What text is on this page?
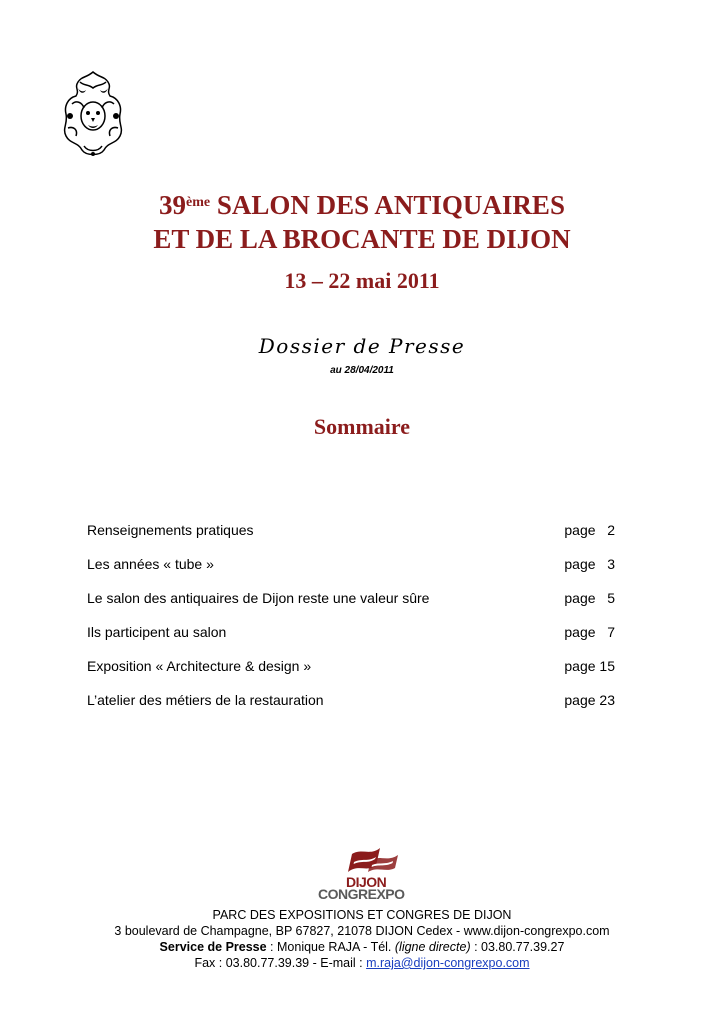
39ème SALON DES ANTIQUAIRES
ET DE LA BROCANTE DE DIJON
13 – 22 mai 2011
Dossier de Presse
au 28/04/2011
Sommaire
Renseignements pratiques	page   2
Les années « tube »	page   3
Le salon des antiquaires de Dijon reste une valeur sûre	page   5
Ils participent au salon	page   7
Exposition « Architecture & design »	page 15
L’atelier des métiers de la restauration	page 23
DIJON
CONGREXPO
PARC DES EXPOSITIONS ET CONGRES DE DIJON
3 boulevard de Champagne, BP 67827, 21078 DIJON Cedex - www.dijon-congrexpo.com
Service de Presse : Monique RAJA - Tél. (ligne directe) : 03.80.77.39.27
Fax : 03.80.77.39.39 - E-mail : m.raja@dijon-congrexpo.com
